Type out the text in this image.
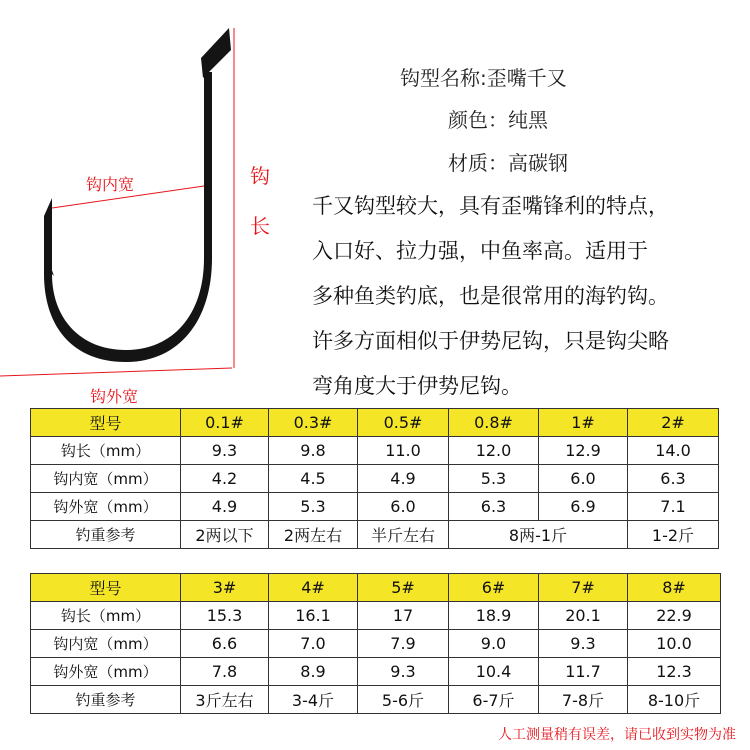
钩内宽
钩外宽
钩
长
钩型名称:歪嘴千又
颜色：纯黑
材质：高碳钢
千又钩型较大，具有歪嘴锋利的特点，
入口好、拉力强，中鱼率高。适用于
多种鱼类钓底，也是很常用的海钓钩。
许多方面相似于伊势尼钩，只是钩尖略
弯角度大于伊势尼钩。
型号	0.1#	0.3#	0.5#	0.8#	1#	2#
钩长（mm）	9.3	9.8	11.0	12.0	12.9	14.0
钩内宽（mm）	4.2	4.5	4.9	5.3	6.0	6.3
钩外宽（mm）	4.9	5.3	6.0	6.3	6.9	7.1
钓重参考	2两以下	2两左右	半斤左右	8两-1斤		1-2斤
型号	3#	4#	5#	6#	7#	8#
钩长（mm）	15.3	16.1	17	18.9	20.1	22.9
钩内宽（mm）	6.6	7.0	7.9	9.0	9.3	10.0
钩外宽（mm）	7.8	8.9	9.3	10.4	11.7	12.3
钓重参考	3斤左右	3-4斤	5-6斤	6-7斤	7-8斤	8-10斤
人工测量稍有误差，请已收到实物为准
